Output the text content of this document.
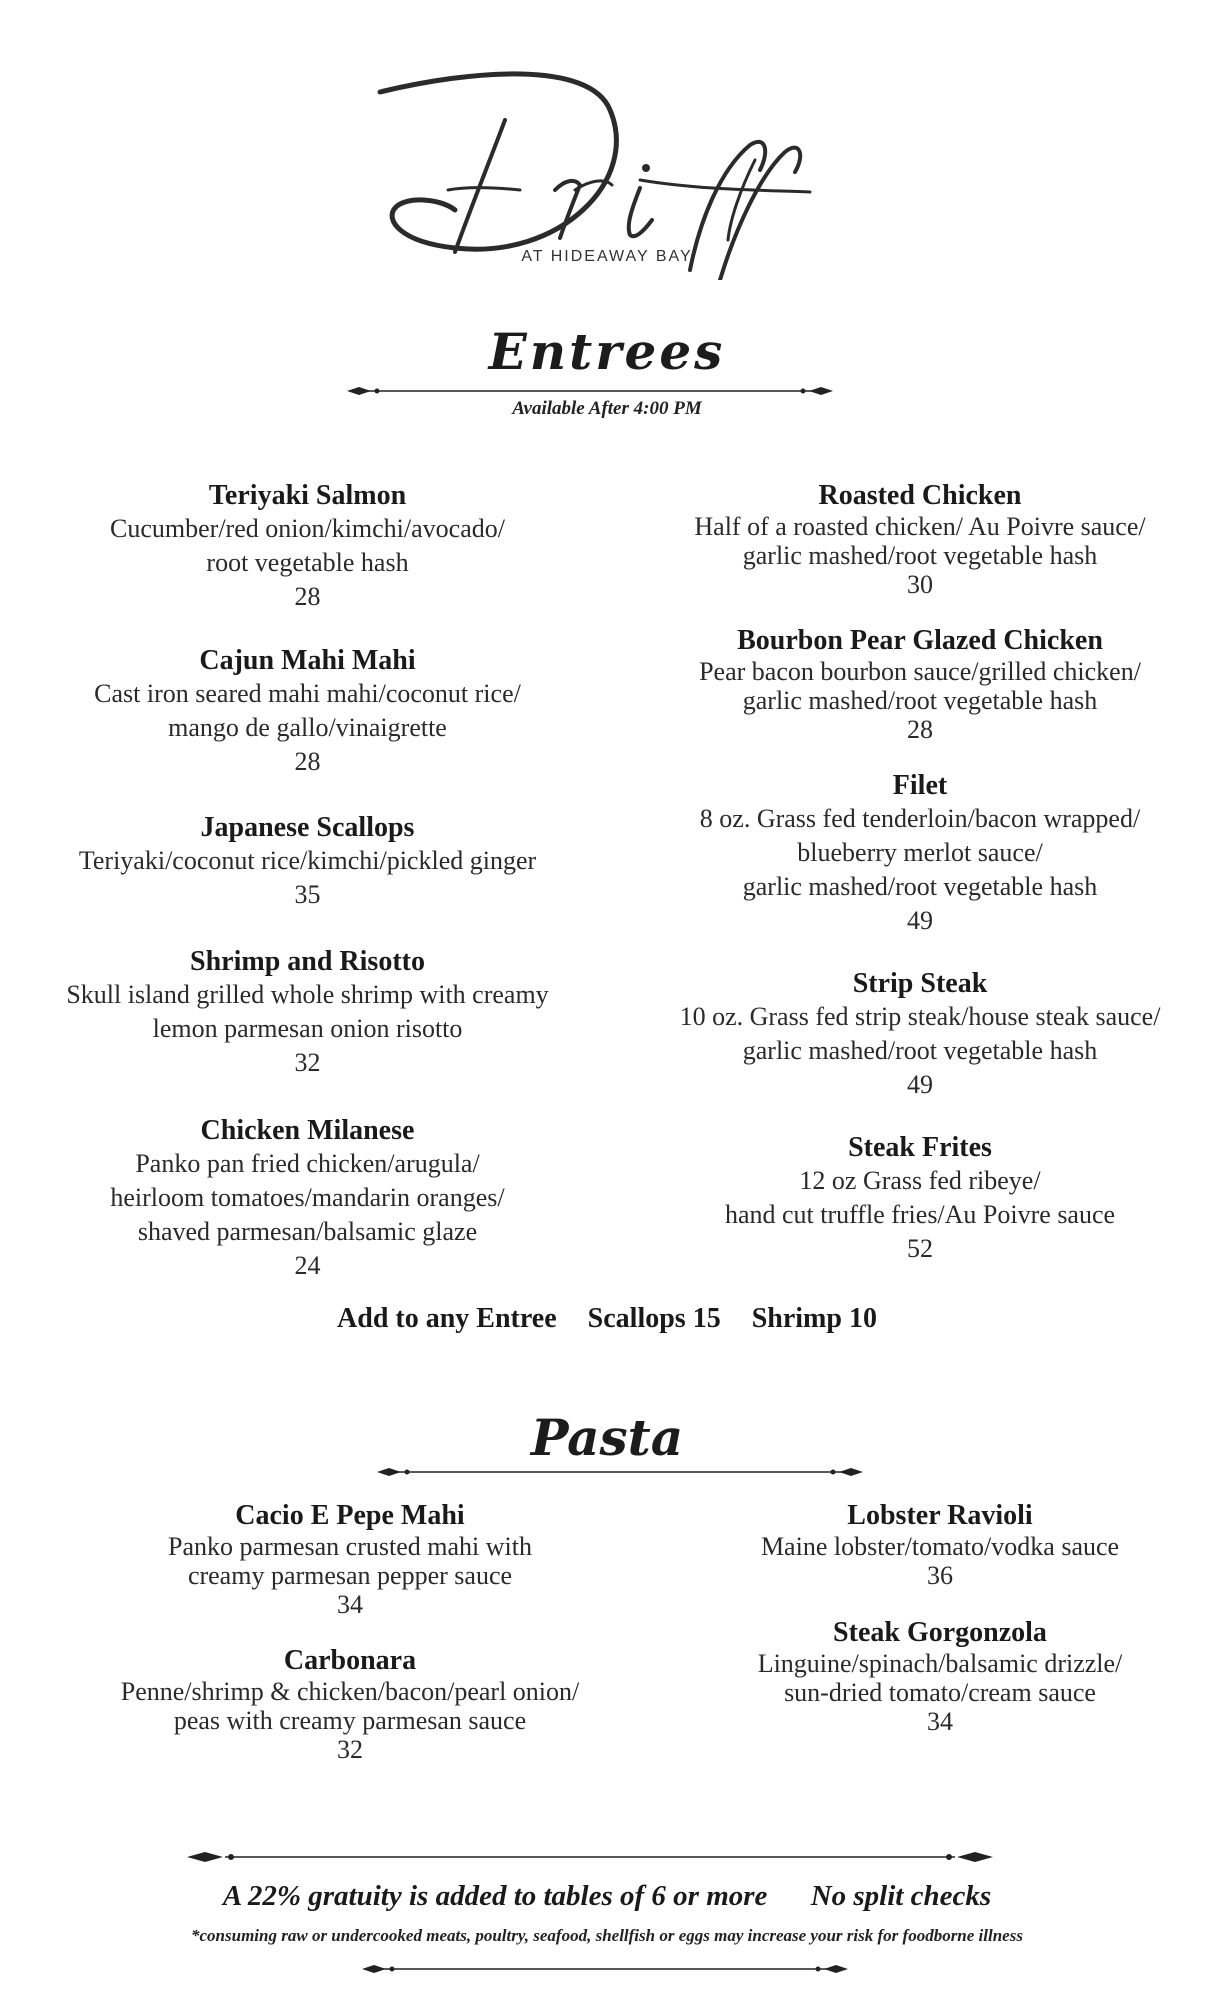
AT HIDEAWAY BAY
Entrees
Available After 4:00 PM
Teriyaki Salmon
Cucumber/red onion/kimchi/avocado/
root vegetable hash
28
Cajun Mahi Mahi
Cast iron seared mahi mahi/coconut rice/
mango de gallo/vinaigrette
28
Japanese Scallops
Teriyaki/coconut rice/kimchi/pickled ginger
35
Shrimp and Risotto
Skull island grilled whole shrimp with creamy
lemon parmesan onion risotto
32
Chicken Milanese
Panko pan fried chicken/arugula/
heirloom tomatoes/mandarin oranges/
shaved parmesan/balsamic glaze
24
Roasted Chicken
Half of a roasted chicken/ Au Poivre sauce/
garlic mashed/root vegetable hash
30
Bourbon Pear Glazed Chicken
Pear bacon bourbon sauce/grilled chicken/
garlic mashed/root vegetable hash
28
Filet
8 oz. Grass fed tenderloin/bacon wrapped/
blueberry merlot sauce/
garlic mashed/root vegetable hash
49
Strip Steak
10 oz. Grass fed strip steak/house steak sauce/
garlic mashed/root vegetable hash
49
Steak Frites
12 oz Grass fed ribeye/
hand cut truffle fries/Au Poivre sauce
52
Add to any Entree Scallops 15 Shrimp 10
Pasta
Cacio E Pepe Mahi
Panko parmesan crusted mahi with
creamy parmesan pepper sauce
34
Carbonara
Penne/shrimp & chicken/bacon/pearl onion/
peas with creamy parmesan sauce
32
Lobster Ravioli
Maine lobster/tomato/vodka sauce
36
Steak Gorgonzola
Linguine/spinach/balsamic drizzle/
sun-dried tomato/cream sauce
34
A 22% gratuity is added to tables of 6 or more No split checks
*consuming raw or undercooked meats, poultry, seafood, shellfish or eggs may increase your risk for foodborne illness
